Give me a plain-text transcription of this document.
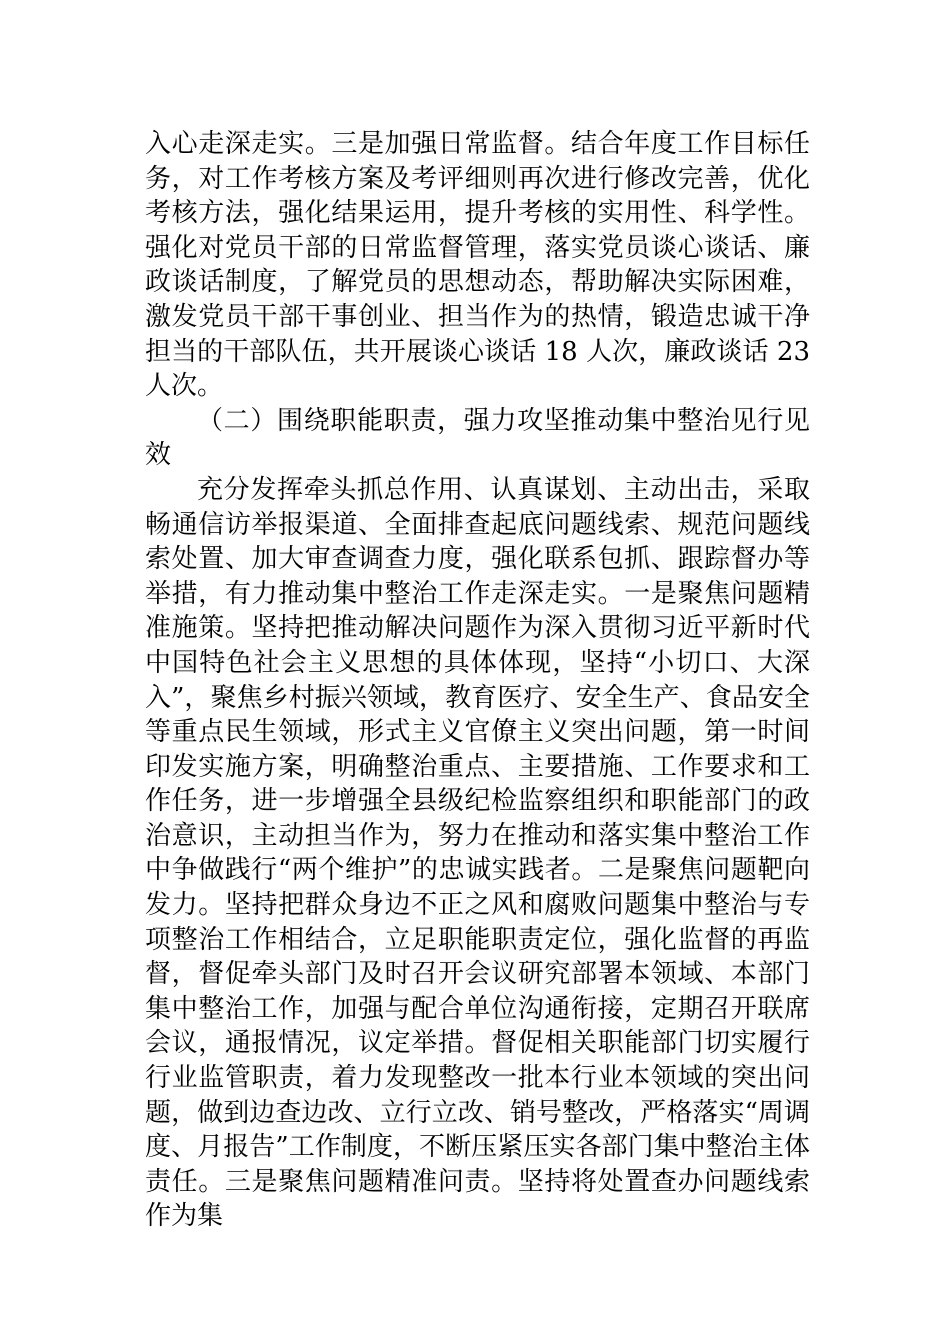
入心走深走实。三是加强日常监督。结合年度工作目标任务，对工作考核方案及考评细则再次进行修改完善，优化考核方法，强化结果运用，提升考核的实用性、科学性。强化对党员干部的日常监督管理，落实党员谈心谈话、廉政谈话制度，了解党员的思想动态，帮助解决实际困难，激发党员干部干事创业、担当作为的热情，锻造忠诚干净担当的干部队伍，共开展谈心谈话 18 人次，廉政谈话 23 人次。

（二）围绕职能职责，强力攻坚推动集中整治见行见效

充分发挥牵头抓总作用、认真谋划、主动出击，采取畅通信访举报渠道、全面排查起底问题线索、规范问题线索处置、加大审查调查力度，强化联系包抓、跟踪督办等举措，有力推动集中整治工作走深走实。一是聚焦问题精准施策。坚持把推动解决问题作为深入贯彻习近平新时代中国特色社会主义思想的具体体现，坚持“小切口、大深入”，聚焦乡村振兴领域，教育医疗、安全生产、食品安全等重点民生领域，形式主义官僚主义突出问题，第一时间印发实施方案，明确整治重点、主要措施、工作要求和工作任务，进一步增强全县级纪检监察组织和职能部门的政治意识，主动担当作为，努力在推动和落实集中整治工作中争做践行“两个维护”的忠诚实践者。二是聚焦问题靶向发力。坚持把群众身边不正之风和腐败问题集中整治与专项整治工作相结合，立足职能职责定位，强化监督的再监督，督促牵头部门及时召开会议研究部署本领域、本部门集中整治工作，加强与配合单位沟通衔接，定期召开联席会议，通报情况，议定举措。督促相关职能部门切实履行行业监管职责，着力发现整改一批本行业本领域的突出问题，做到边查边改、立行立改、销号整改，严格落实“周调度、月报告”工作制度，不断压紧压实各部门集中整治主体责任。三是聚焦问题精准问责。坚持将处置查办问题线索作为集
